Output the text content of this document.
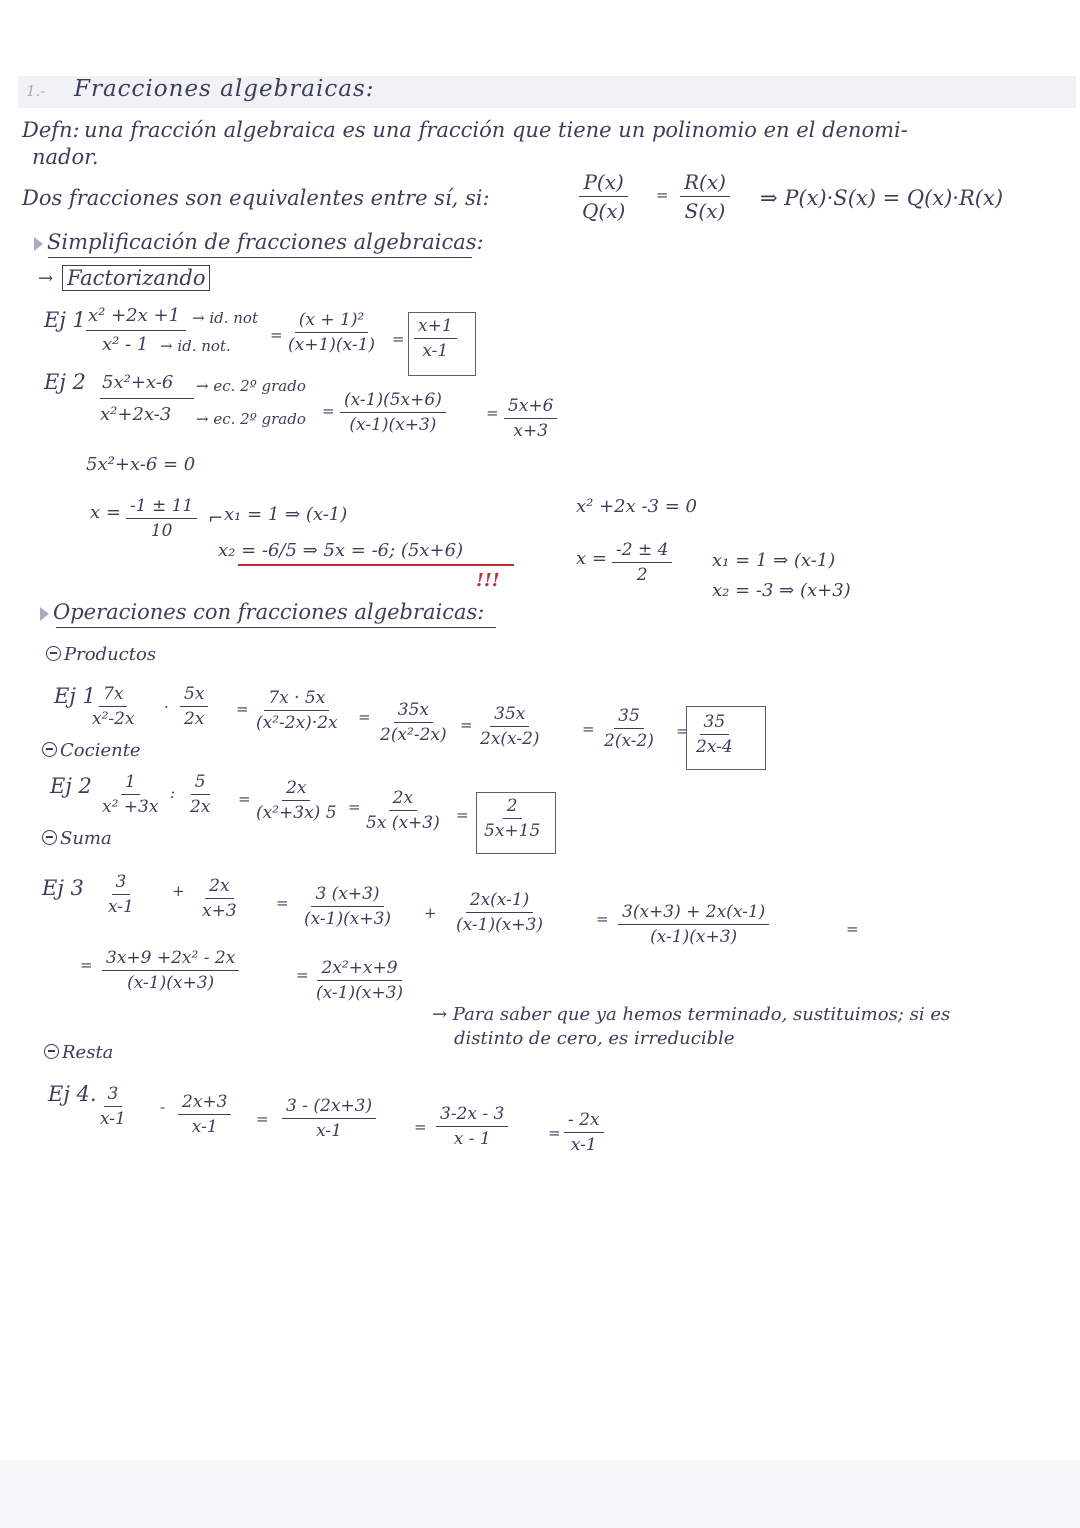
1.- Fracciones algebraicas:
Defn: una fracción algebraica es una fracción que tiene un polinomio en el denomi-
nador.
Dos fracciones son equivalentes entre sí, si:	$\frac{P(x)}{Q(x)} = \frac{R(x)}{S(x)}$ ⇒ P(x)·S(x) = Q(x)·R(x)
Simplificación de fracciones algebraicas:
→ Factorizando
Ej 1 x² +2x +1 → id. not
x² - 1 → id. not.
= $\frac{\text{(x + 1)²}}{(x+1)(x-1)} = \frac{x+1}{x-1}$
Ej 2 5x²+x-6 → ec. 2º grado
x²+2x-3 → ec. 2º grado = $\frac{(x-1)(5x+6)}{(x-1)(x+3)}$	= $\frac{5x+6}{x+3}$
5x²+x-6 = 0
$x = \frac{-1 \pm 11}{10}$ ⌐ x₁ = 1 ⇒ (x-1)
x₂ = -6/5 ⇒ 5x = -6; (5x+6)
!!!
x² +2x -3 = 0
$x = \frac{-2 \pm 4}{2} x_1 = 1$ ⇒ (x-1)
x₂ = -3 ⇒ (x+3)
Operaciones con fracciones algebraicas:
Productos
Ej 1
$\frac{7x}{\text{x²-2x}} \cdot \frac{5x}{2x} = \frac{7x \cdot 5x}{\text{(x²-2x)·2x}} = \frac{35x}{\text{2(x²-2x)}} = \frac{35x}{2x(x-2)}$	= $\frac{35}{2(x-2)} = \frac{35}{2x-4}$
Cociente
Ej $2 \frac{1}{\text{x² +3x}}$ : $\frac{5}{2x} = \frac{2x}{\text{(x²+3x) 5}} = \frac{2x}{5x (x+3)} = \frac{2}{5x+15}$
Suma
Ej $3 \frac{3}{x-1} + \frac{2x}{x+3} = \frac{3 (x+3)}{(x-1)(x+3)} + \frac{2x(x-1)}{(x-1)(x+3)}$	= $\frac{3(x+3) + 2x(x-1)}{(x-1)(x+3)}$	=
= $\frac{\text{3x+9 +2x² - 2x}}{(x-1)(x+3)}$	= $\frac{\text{2x²+x+9}}{(x-1)(x+3)}$
→ Para saber que ya hemos terminado, sustituimos; si es
distinto de cero, es irreducible
Resta
Ej 4. $\frac{3}{x-1} - \frac{2x+3}{x-1} = \frac{3 - (2x+3)}{x-1}$	= $\frac{3-2x - 3}{x - 1}$	= $\frac{- 2x}{x-1}$
